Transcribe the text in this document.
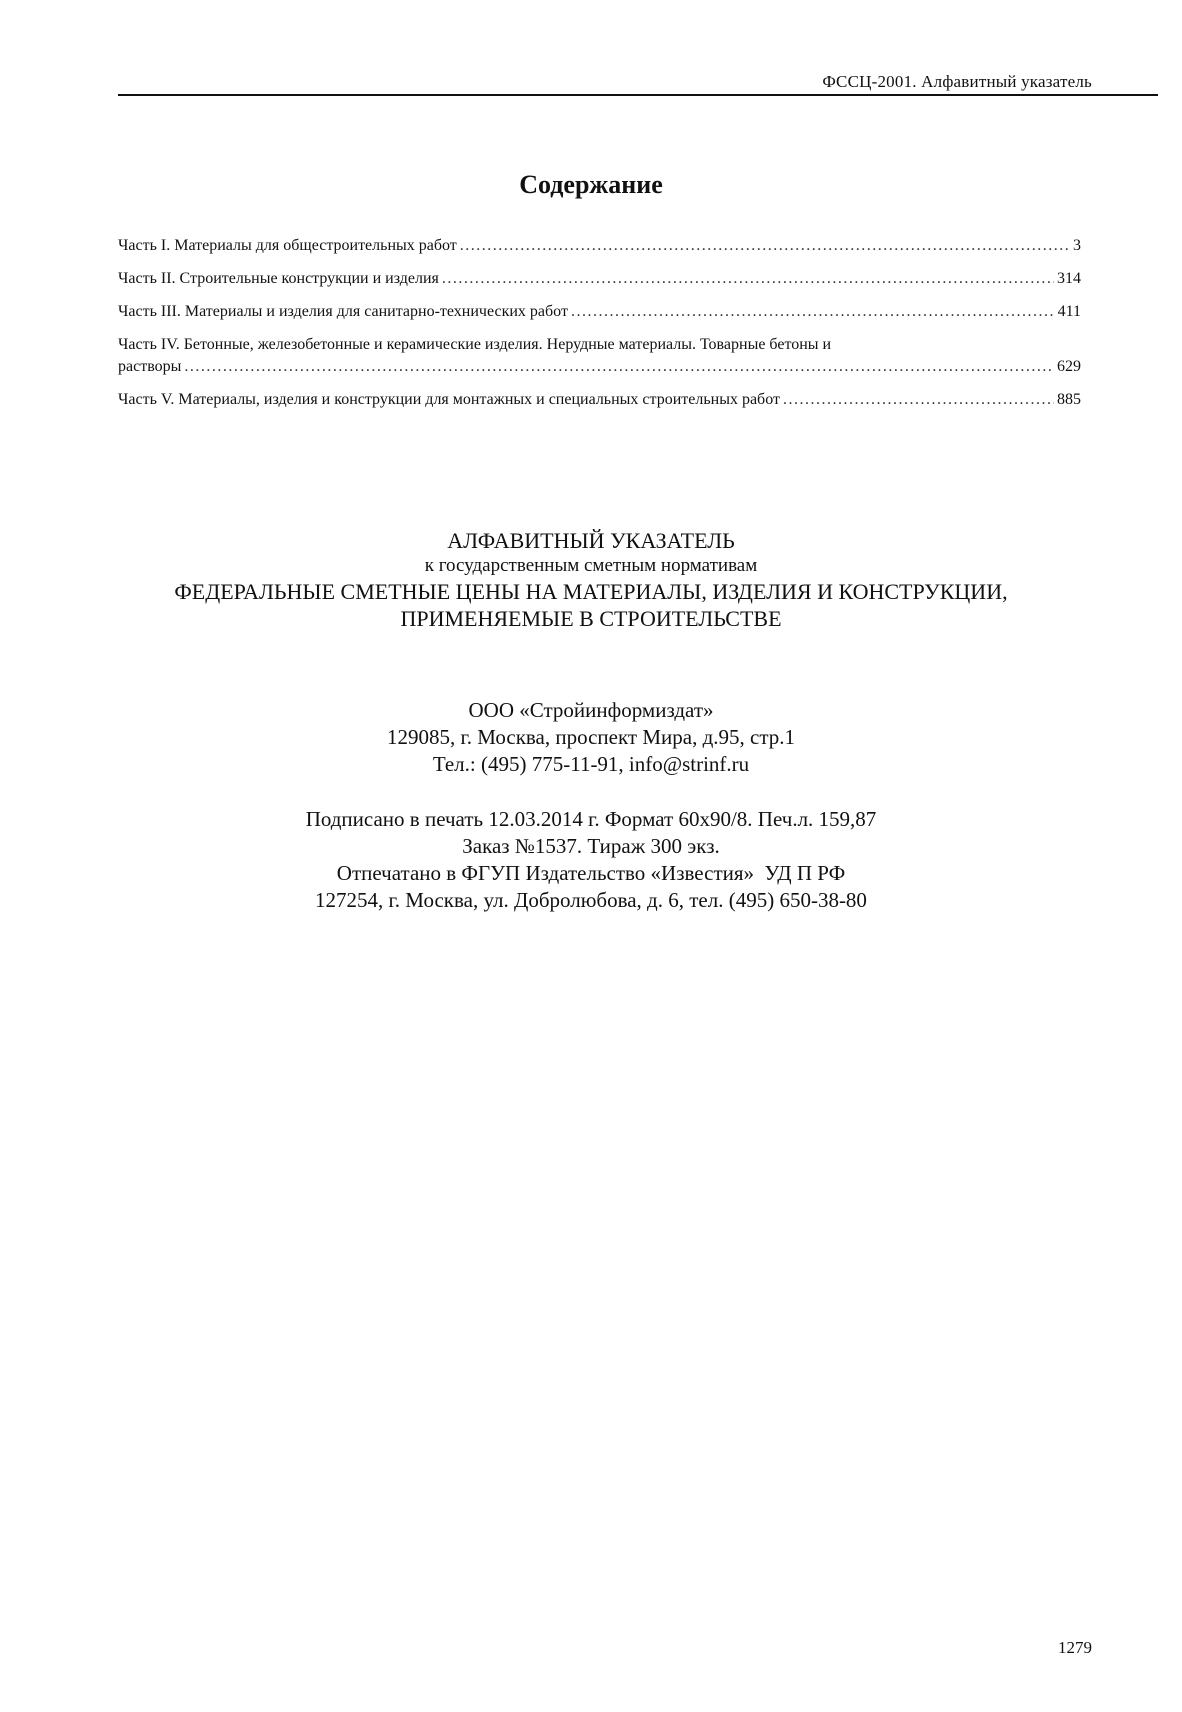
ФССЦ-2001. Алфавитный указатель
Содержание
Часть I. Материалы для общестроительных работ .....	3
Часть II. Строительные конструкции и изделия .....	314
Часть III. Материалы и изделия для санитарно-технических работ .....	411
Часть IV. Бетонные, железобетонные и керамические изделия. Нерудные материалы. Товарные бетоны и
растворы .....	629
Часть V. Материалы, изделия и конструкции для монтажных и специальных строительных работ .....	885
АЛФАВИТНЫЙ УКАЗАТЕЛЬ
к государственным сметным нормативам
ФЕДЕРАЛЬНЫЕ СМЕТНЫЕ ЦЕНЫ НА МАТЕРИАЛЫ, ИЗДЕЛИЯ И КОНСТРУКЦИИ,
ПРИМЕНЯЕМЫЕ В СТРОИТЕЛЬСТВЕ
ООО «Стройинформиздат»
129085, г. Москва, проспект Мира, д.95, стр.1
Тел.: (495) 775-11-91, info@strinf.ru
Подписано в печать 12.03.2014 г. Формат 60х90/8. Печ.л. 159,87
Заказ №1537. Тираж 300 экз.
Отпечатано в ФГУП Издательство «Известия»  УД П РФ
127254, г. Москва, ул. Добролюбова, д. 6, тел. (495) 650-38-80
1279
